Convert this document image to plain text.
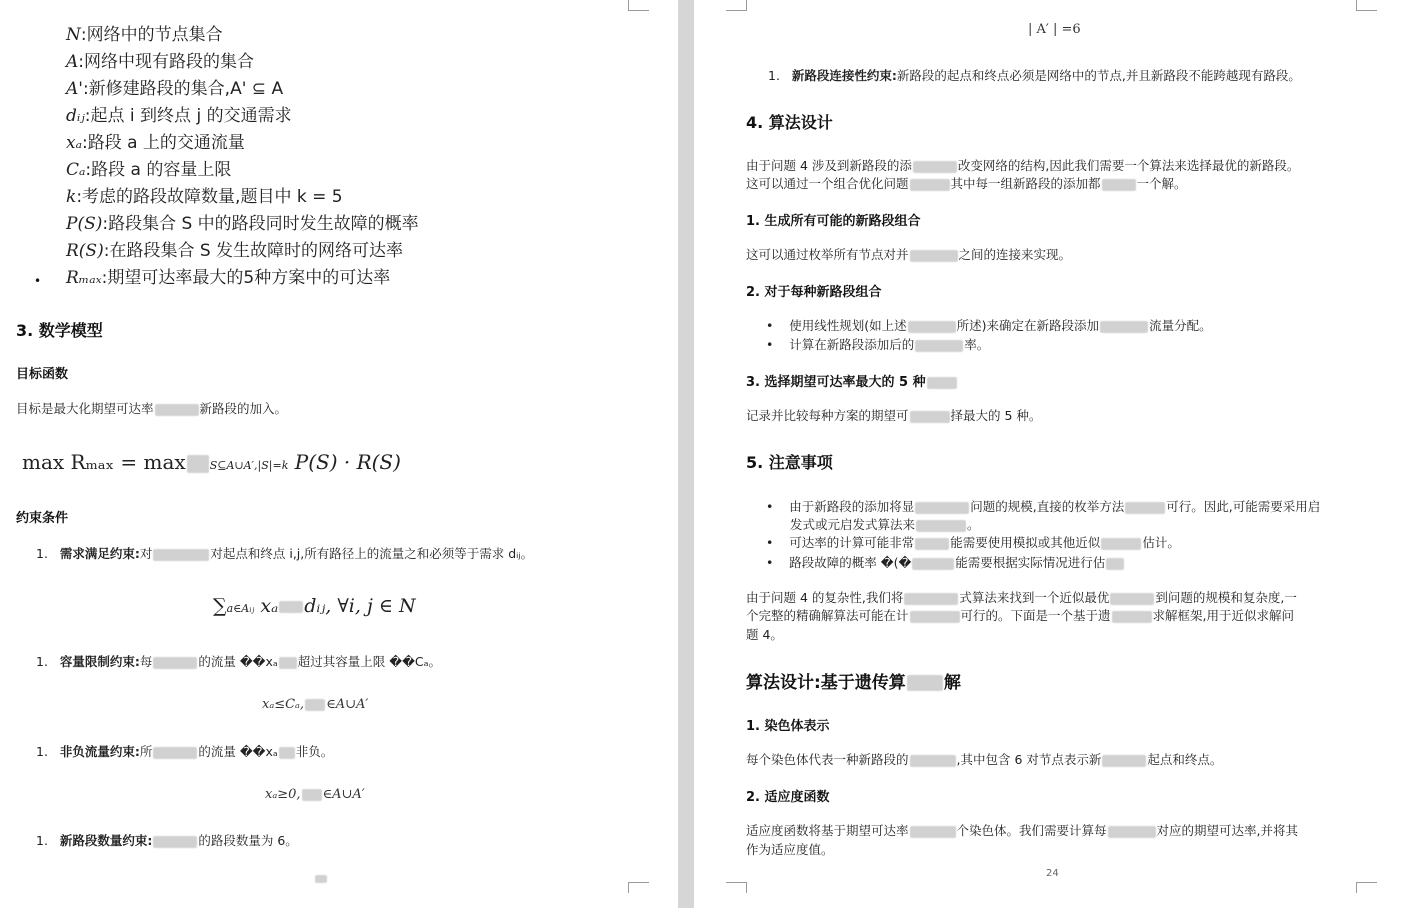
N:网络中的节点集合
A:网络中现有路段的集合
A':新修建路段的集合,A' ⊆ A
dᵢⱼ:起点 i 到终点 j 的交通需求
xₐ:路段 a 上的交通流量
Cₐ:路段 a 的容量上限
k:考虑的路段故障数量,题目中 k = 5
P(S):路段集合 S 中的路段同时发生故障的概率
R(S):在路段集合 S 发生故障时的网络可达率
Rₘₐₓ:期望可达率最大的5种方案中的可达率
•
3. 数学模型
目标函数
目标是最大化期望可达率	新路段的加入。
max Rₘₐₓ = max S⊆A∪A′,|S|=k P(S) · R(S)
约束条件
1. 需求满足约束:对	对起点和终点 i,j,所有路径上的流量之和必须等于需求 dᵢⱼ。
∑a∈Aᵢⱼ xₐ dᵢⱼ, ∀i, j ∈ N
1. 容量限制约束:每	的流量 ��xₐ 超过其容量上限 ��Cₐ。
xₐ≤Cₐ, ∈A∪A′
1. 非负流量约束:所	的流量 ��xₐ 非负。
xₐ≥0, ∈A∪A′
1. 新路段数量约束:	的路段数量为 6。
| A′ | =6
1. 新路段连接性约束:新路段的起点和终点必须是网络中的节点,并且新路段不能跨越现有路段。
4. 算法设计
由于问题 4 涉及到新路段的添	改变网络的结构,因此我们需要一个算法来选择最优的新路段。
这可以通过一个组合优化问题	其中每一组新路段的添加都	一个解。
1. 生成所有可能的新路段组合
这可以通过枚举所有节点对并	之间的连接来实现。
2. 对于每种新路段组合
• 使用线性规划(如上述	所述)来确定在新路段添加	流量分配。
• 计算在新路段添加后的	率。
3. 选择期望可达率最大的 5 种
记录并比较每种方案的期望可	择最大的 5 种。
5. 注意事项
• 由于新路段的添加将显	问题的规模,直接的枚举方法	可行。因此,可能需要采用启
发式或元启发式算法来	。
• 可达率的计算可能非常	能需要使用模拟或其他近似	估计。
• 路段故障的概率 �(�	能需要根据实际情况进行估
由于问题 4 的复杂性,我们将	式算法来找到一个近似最优	到问题的规模和复杂度,一
个完整的精确解算法可能在计	可行的。下面是一个基于遗	求解框架,用于近似求解问
题 4。
算法设计:基于遗传算 解
1. 染色体表示
每个染色体代表一种新路段的	,其中包含 6 对节点表示新	起点和终点。
2. 适应度函数
适应度函数将基于期望可达率	个染色体。我们需要计算每	对应的期望可达率,并将其
作为适应度值。
24
